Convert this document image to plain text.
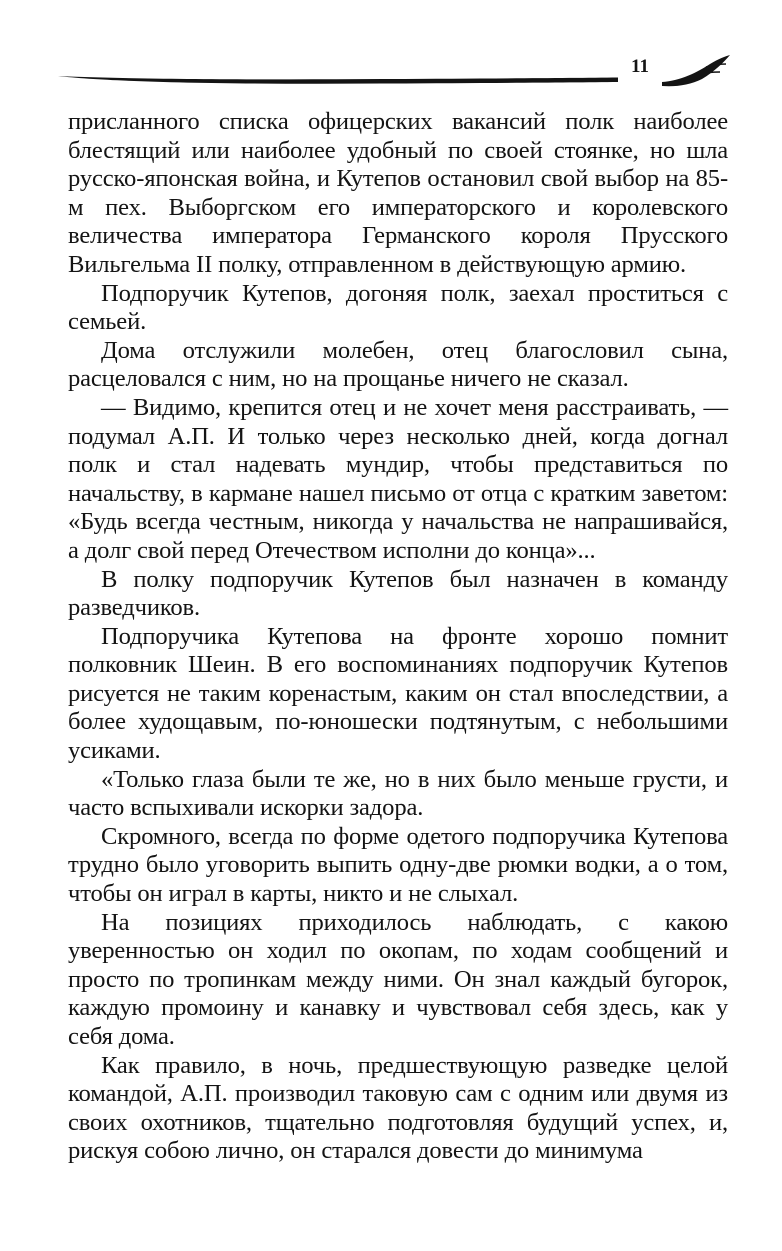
11

присланного списка офицерских вакансий полк наиболее блестящий или наиболее удобный по своей стоянке, но шла русско-японская война, и Кутепов остановил свой выбор на 85-м пех. Выборгском его императорского и королевского величества императора Германского короля Прусского Вильгельма II полку, отправленном в действующую армию.

Подпоручик Кутепов, догоняя полк, заехал проститься с семьей.

Дома отслужили молебен, отец благословил сына, расцеловался с ним, но на прощанье ничего не сказал.

— Видимо, крепится отец и не хочет меня расстраивать, — подумал А.П. И только через несколько дней, когда догнал полк и стал надевать мундир, чтобы представиться по начальству, в кармане нашел письмо от отца с кратким заветом: «Будь всегда честным, никогда у начальства не напрашивайся, а долг свой перед Отечеством исполни до конца»...

В полку подпоручик Кутепов был назначен в команду разведчиков.

Подпоручика Кутепова на фронте хорошо помнит полковник Шеин. В его воспоминаниях подпоручик Кутепов рисуется не таким коренастым, каким он стал впоследствии, а более худощавым, по-юношески подтянутым, с небольшими усиками.

«Только глаза были те же, но в них было меньше грусти, и часто вспыхивали искорки задора.

Скромного, всегда по форме одетого подпоручика Кутепова трудно было уговорить выпить одну-две рюмки водки, а о том, чтобы он играл в карты, никто и не слыхал.

На позициях приходилось наблюдать, с какою уверенностью он ходил по окопам, по ходам сообщений и просто по тропинкам между ними. Он знал каждый бугорок, каждую промоину и канавку и чувствовал себя здесь, как у себя дома.

Как правило, в ночь, предшествующую разведке целой командой, А.П. производил таковую сам с одним или двумя из своих охотников, тщательно подготовляя будущий успех, и, рискуя собою лично, он старался довести до минимума
